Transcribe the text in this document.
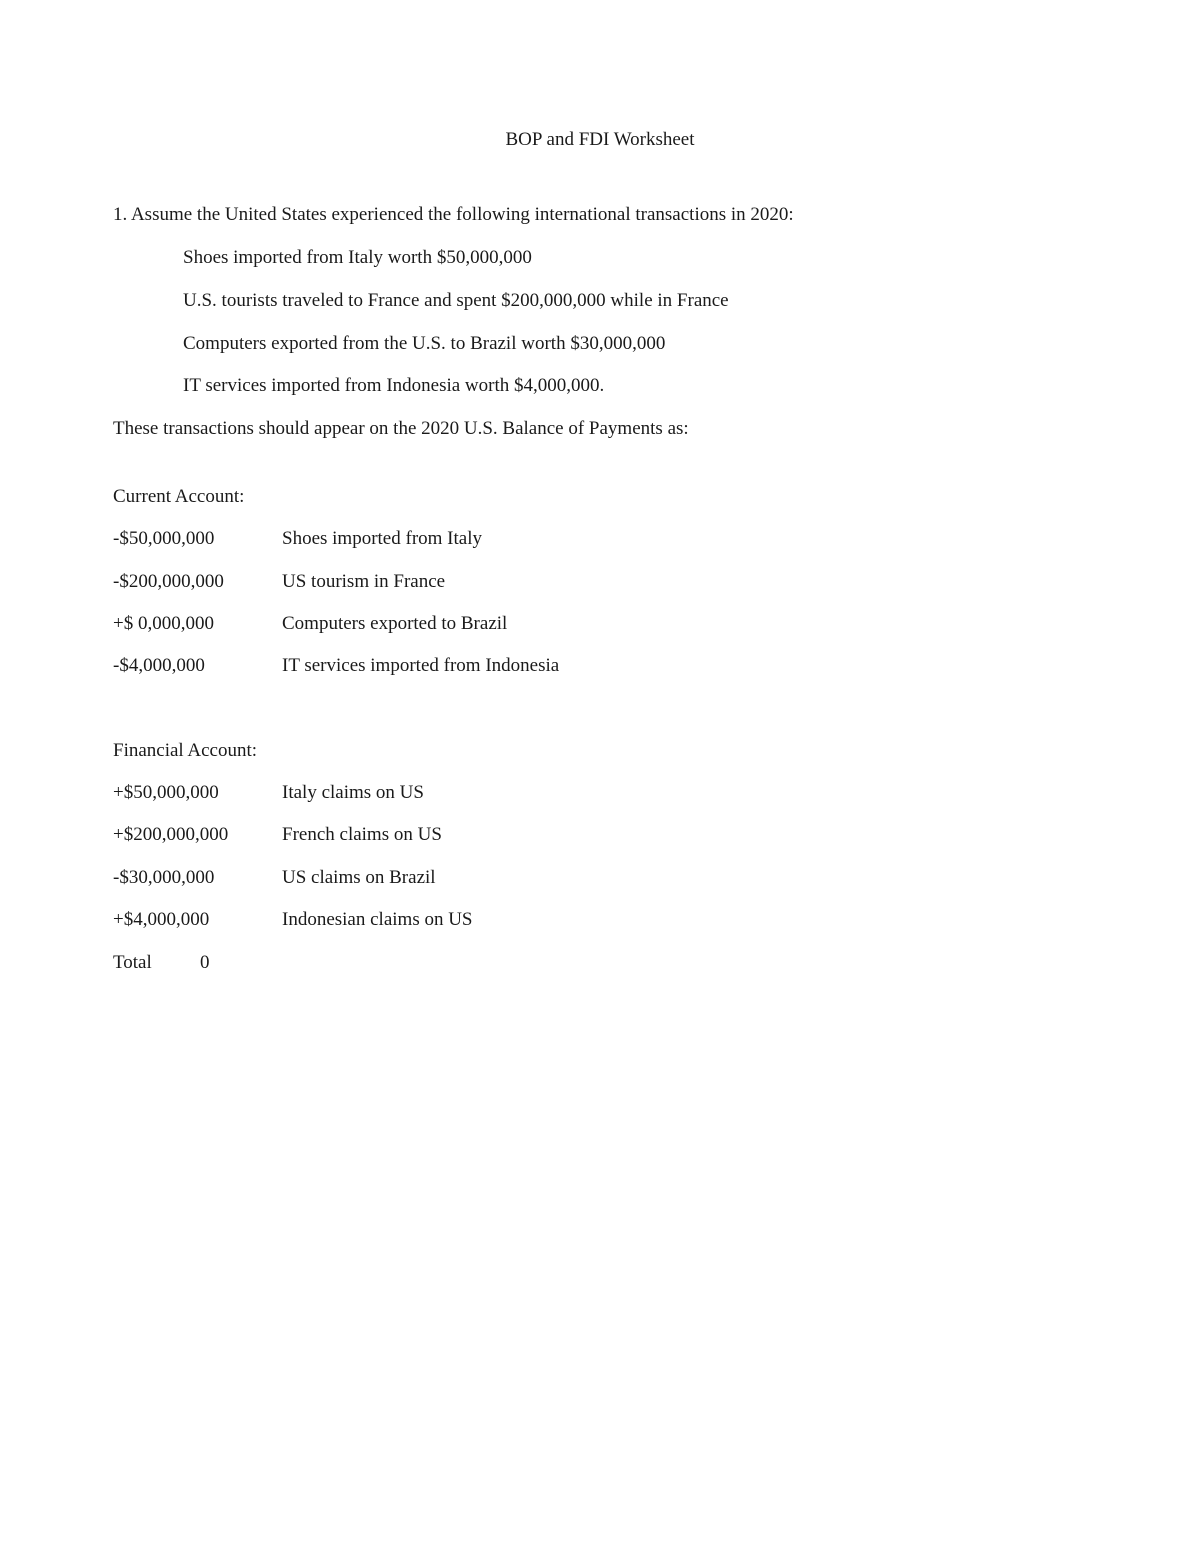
BOP and FDI Worksheet
1. Assume the United States experienced the following international transactions in 2020:
Shoes imported from Italy worth $50,000,000
U.S. tourists traveled to France and spent $200,000,000 while in France
Computers exported from the U.S. to Brazil worth $30,000,000
IT services imported from Indonesia worth $4,000,000.
These transactions should appear on the 2020 U.S. Balance of Payments as:
Current Account:
-$50,000,000	Shoes imported from Italy
-$200,000,000	US tourism in France
+$ 0,000,000	Computers exported to Brazil
-$4,000,000	IT services imported from Indonesia
Financial Account:
+$50,000,000	Italy claims on US
+$200,000,000	French claims on US
-$30,000,000	US claims on Brazil
+$4,000,000	Indonesian claims on US
Total	0
